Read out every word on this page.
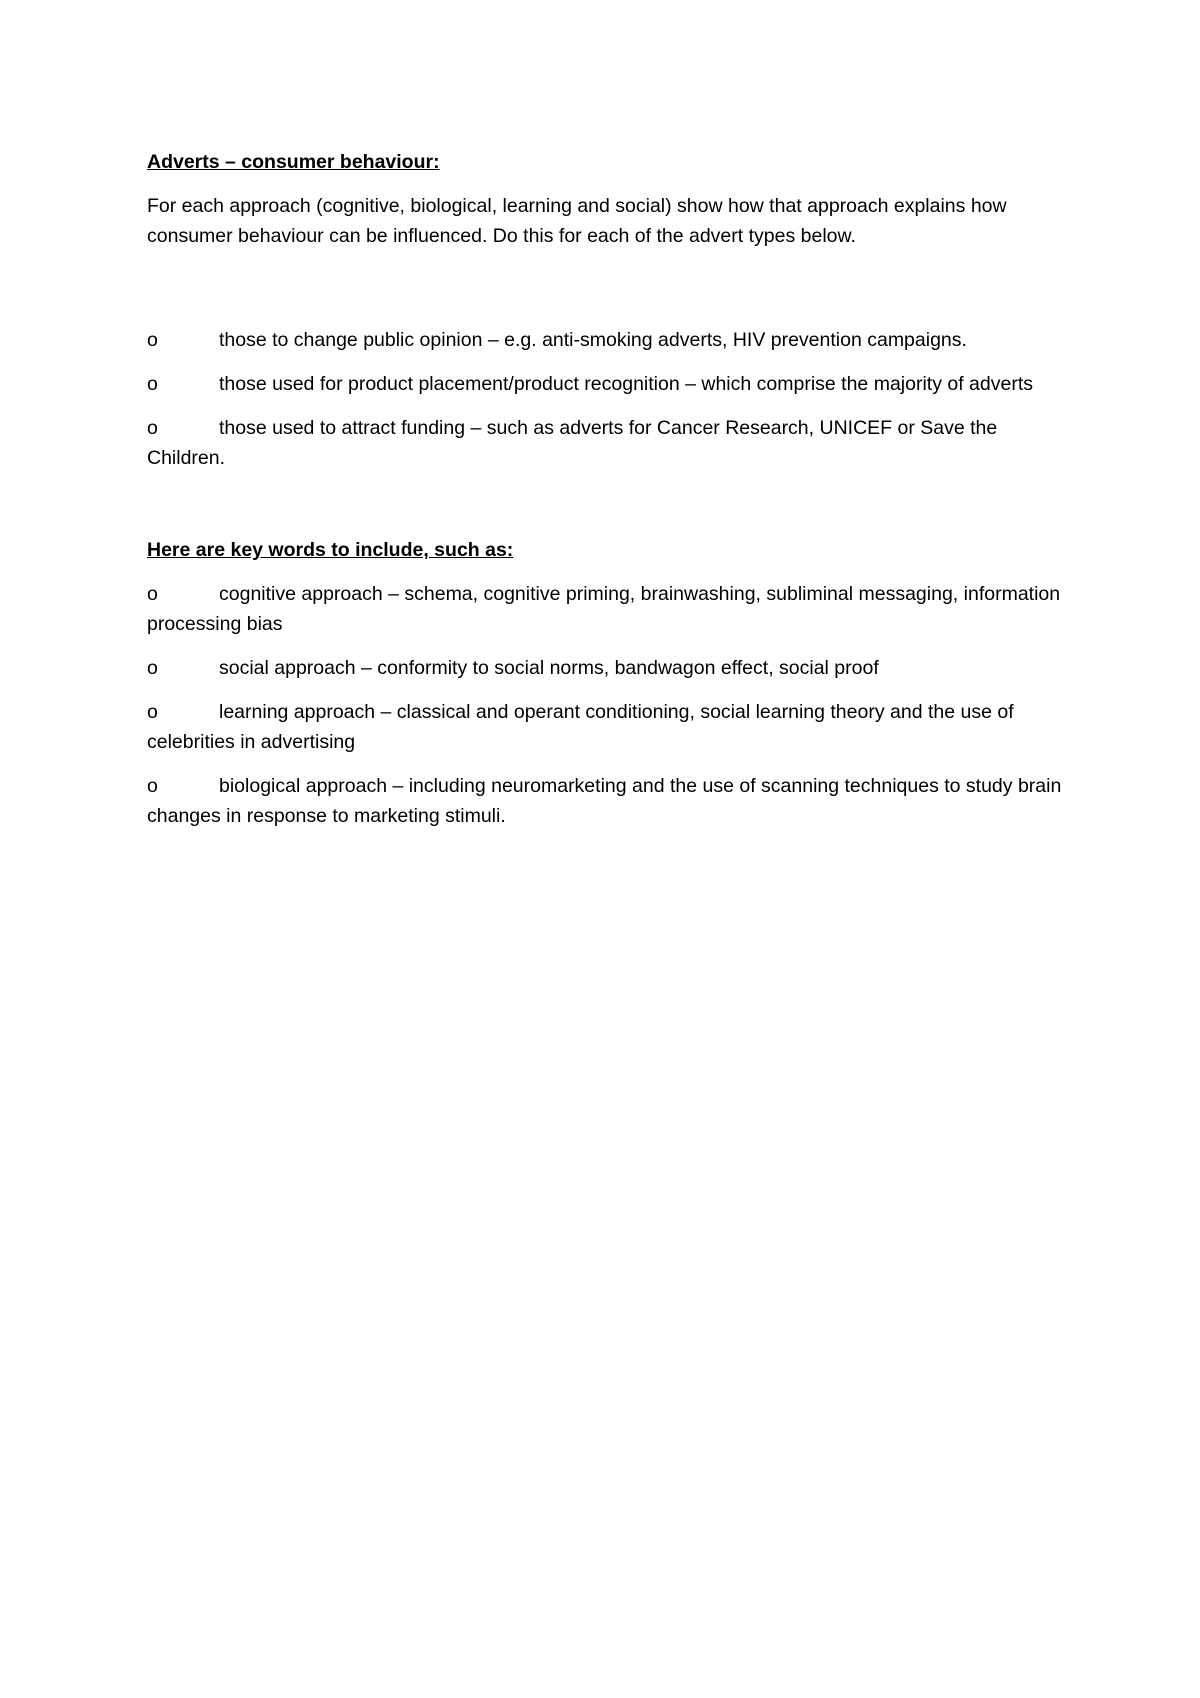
Adverts – consumer behaviour:

For each approach (cognitive, biological, learning and social) show how that approach explains how consumer behaviour can be influenced. Do this for each of the advert types below.

o	those to change public opinion – e.g. anti-smoking adverts, HIV prevention campaigns.
o	those used for product placement/product recognition – which comprise the majority of adverts
o	those used to attract funding – such as adverts for Cancer Research, UNICEF or Save the Children.

Here are key words to include, such as:

o	cognitive approach – schema, cognitive priming, brainwashing, subliminal messaging, information processing bias
o	social approach – conformity to social norms, bandwagon effect, social proof
o	learning approach – classical and operant conditioning, social learning theory and the use of celebrities in advertising
o	biological approach – including neuromarketing and the use of scanning techniques to study brain changes in response to marketing stimuli.
